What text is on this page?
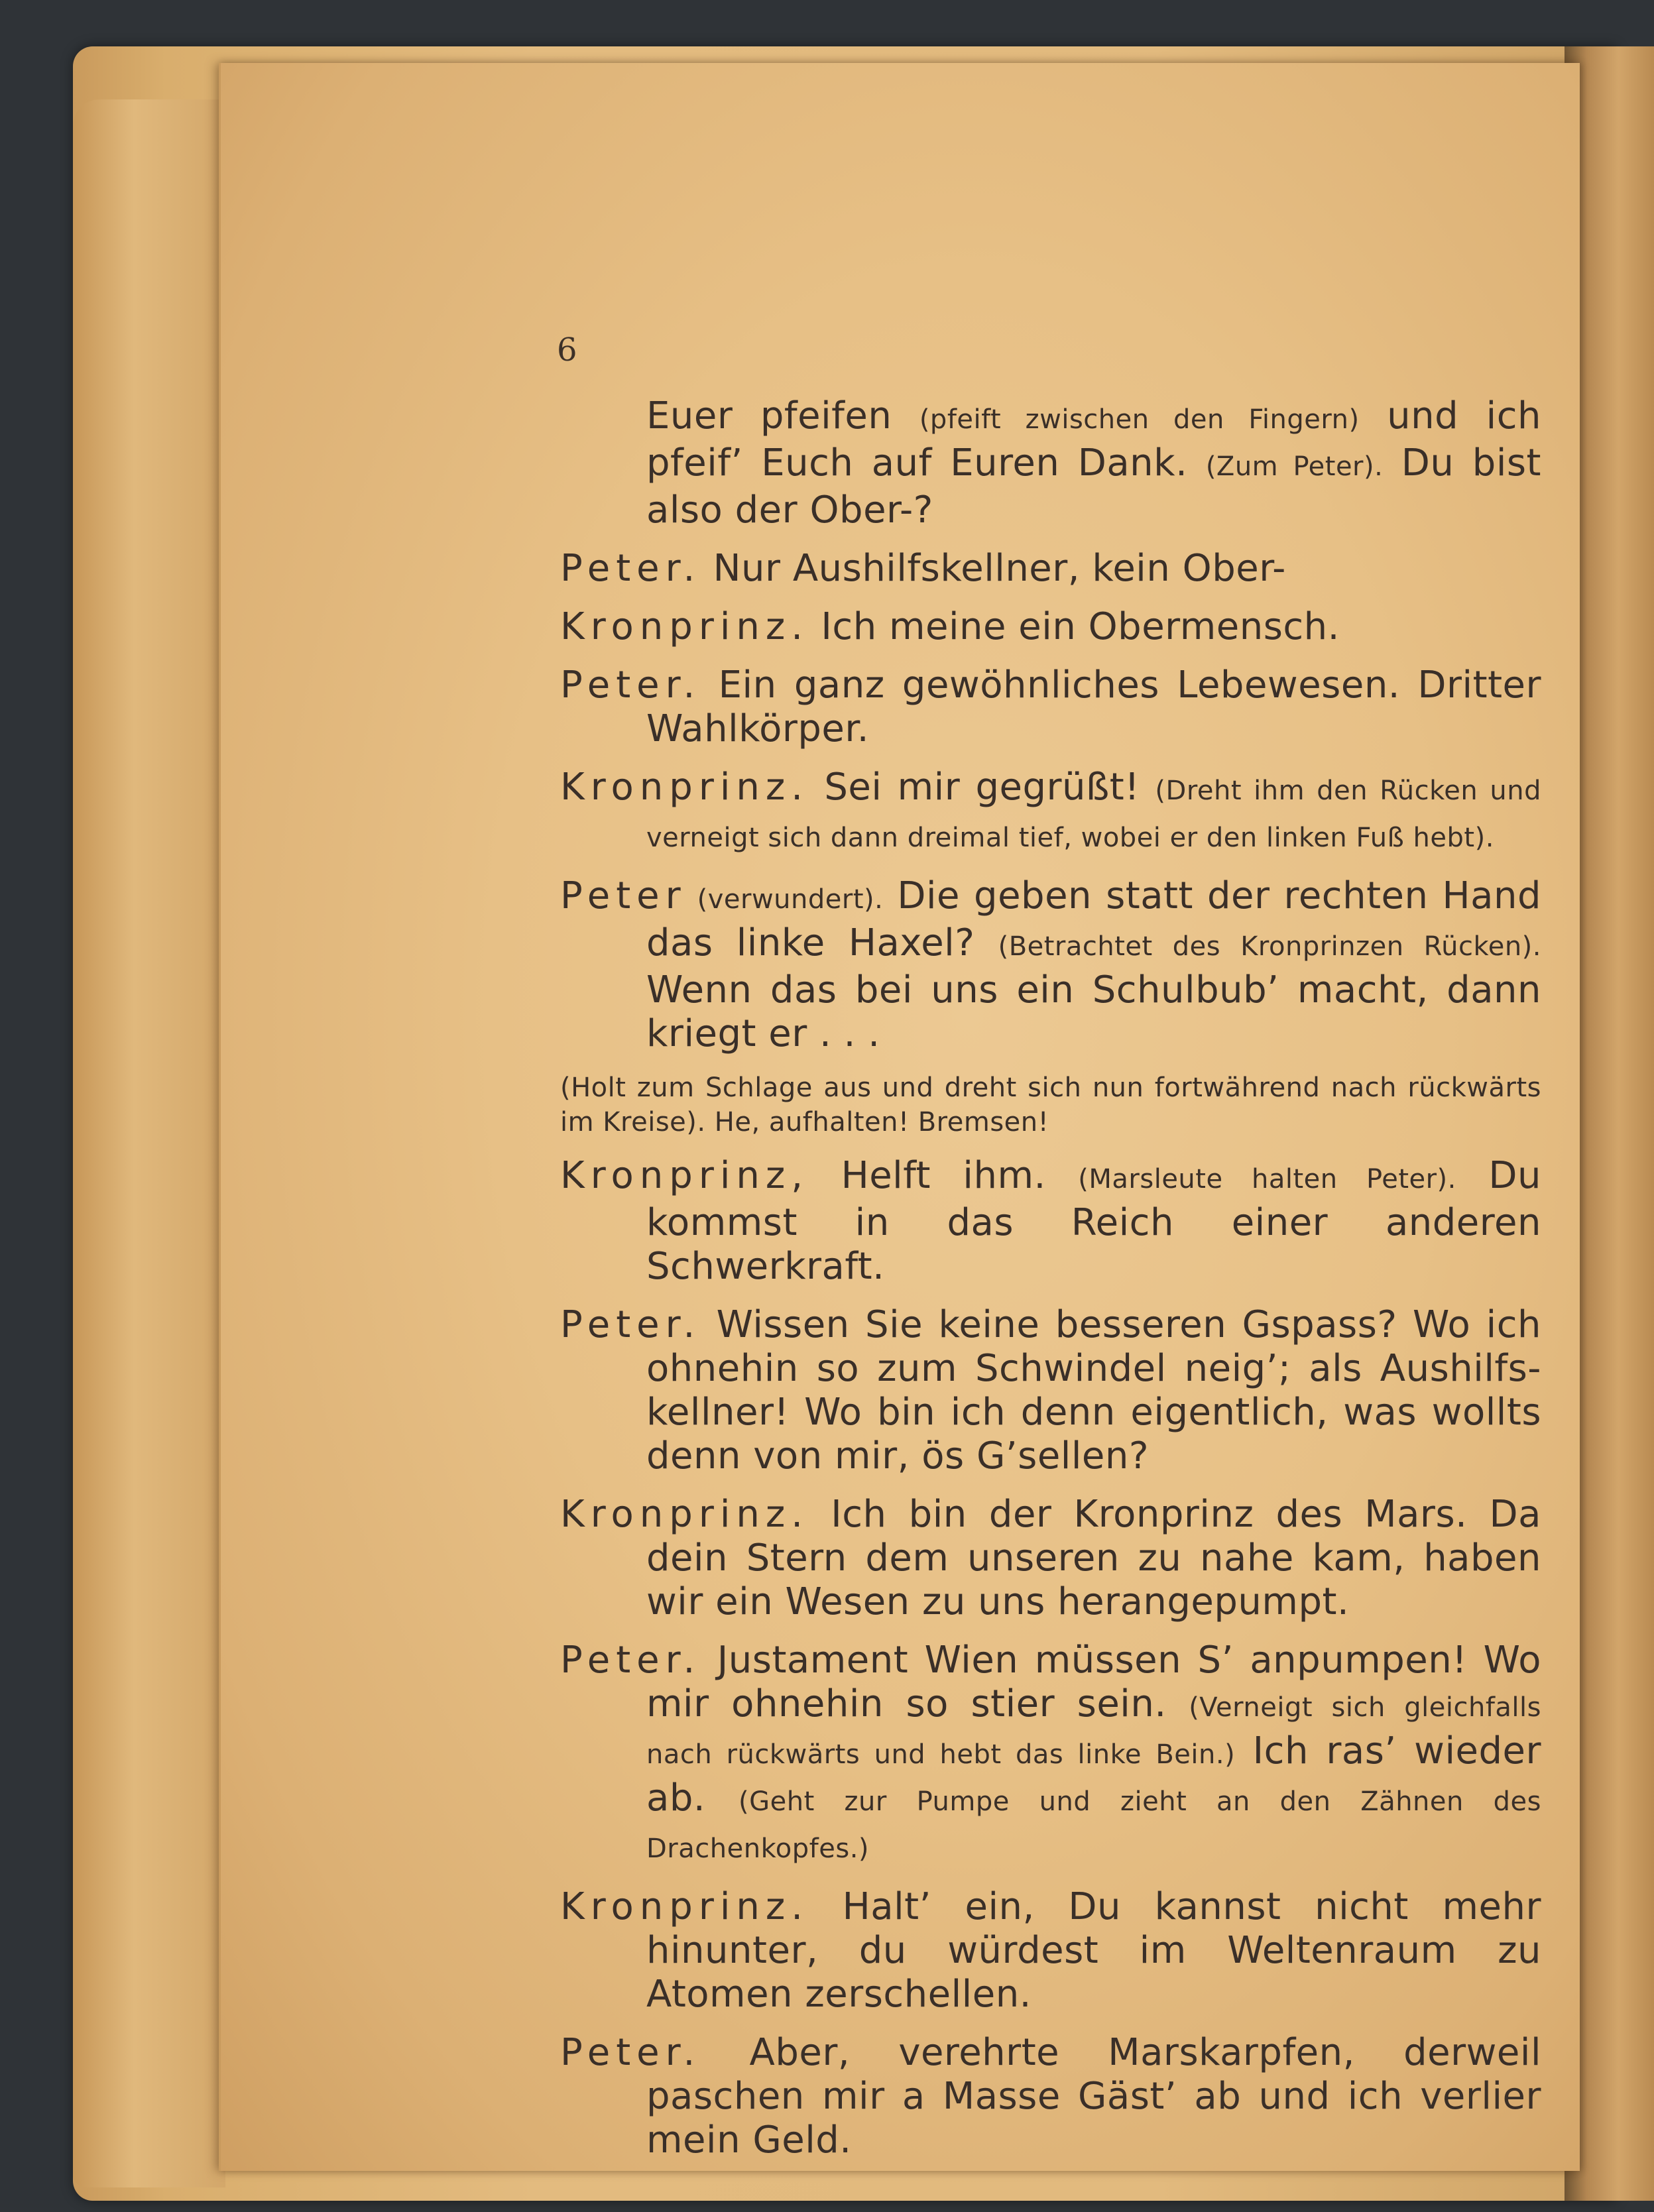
6

Euer pfeifen (pfeift zwischen den Fingern) und ich pfeif’ Euch auf Euren Dank. (Zum Peter). Du bist also der Ober-?

Peter. Nur Aushilfskellner, kein Ober-

Kronprinz. Ich meine ein Obermensch.

Peter. Ein ganz gewöhnliches Lebewesen. Dritter Wahlkörper.

Kronprinz. Sei mir gegrüßt! (Dreht ihm den Rücken und verneigt sich dann dreimal tief, wobei er den linken Fuß hebt).

Peter (verwundert). Die geben statt der rechten Hand das linke Haxel? (Betrachtet des Kronprinzen Rücken). Wenn das bei uns ein Schulbub’ macht, dann kriegt er . . .

(Holt zum Schlage aus und dreht sich nun fortwährend nach rückwärts im Kreise). He, aufhalten! Bremsen!

Kronprinz, Helft ihm. (Marsleute halten Peter). Du kommst in das Reich einer anderen Schwerkraft.

Peter. Wissen Sie keine besseren Gspass? Wo ich ohnehin so zum Schwindel neig’; als Aushilfs-kellner! Wo bin ich denn eigentlich, was wollts denn von mir, ös G’sellen?

Kronprinz. Ich bin der Kronprinz des Mars. Da dein Stern dem unseren zu nahe kam, haben wir ein Wesen zu uns herangepumpt.

Peter. Justament Wien müssen S’ anpumpen! Wo mir ohnehin so stier sein. (Verneigt sich gleichfalls nach rückwärts und hebt das linke Bein.) Ich ras’ wieder ab. (Geht zur Pumpe und zieht an den Zähnen des Drachenkopfes.)

Kronprinz. Halt’ ein, Du kannst nicht mehr hinunter, du würdest im Weltenraum zu Atomen zerschellen.

Peter. Aber, verehrte Marskarpfen, derweil paschen mir a Masse Gäst’ ab und ich verlier mein Geld.
